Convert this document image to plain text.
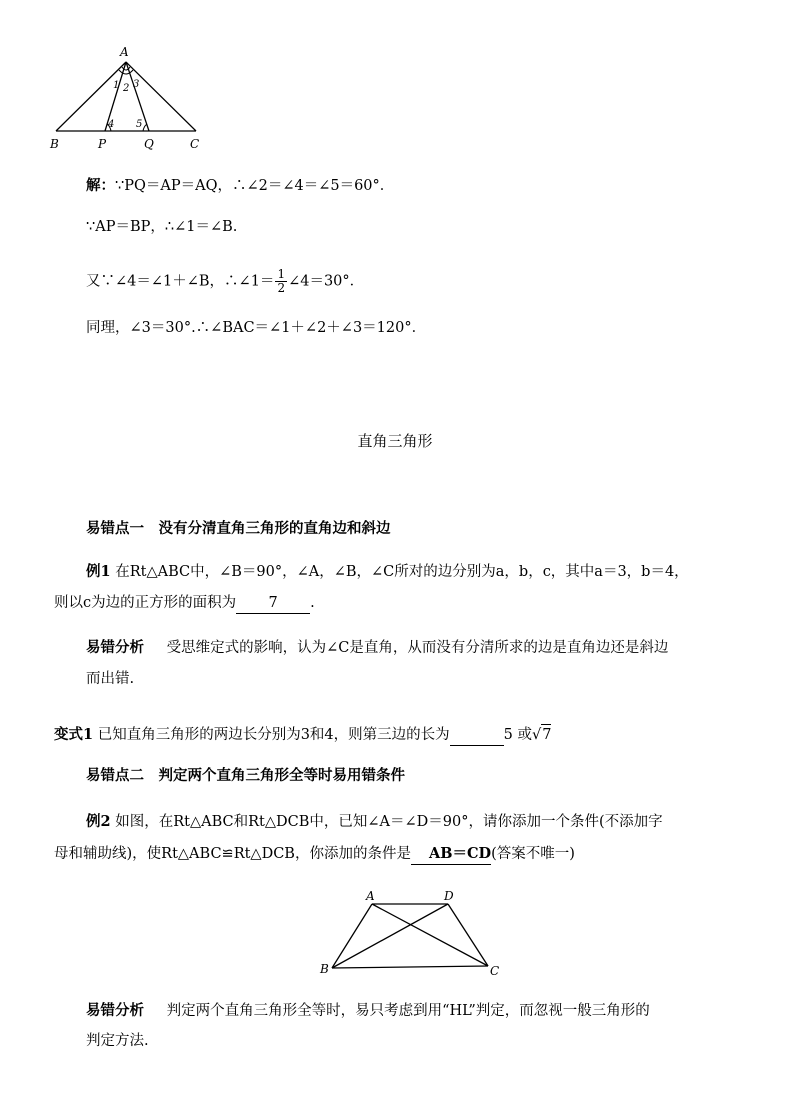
A
B	P	Q	C
1 2 3
4 5
解：∵PQ＝AP＝AQ，∴∠2＝∠4＝∠5＝60°．
∵AP＝BP，∴∠1＝∠B.
又∵∠4＝∠1＋∠B，∴∠1＝ $\frac{1}{2}$ ∠4＝30°．
同理，∠3＝30°.∴∠BAC＝∠1＋∠2＋∠3＝120°．
直角三角形
易错点一　没有分清直角三角形的直角边和斜边
例1 在Rt△ABC中，∠B＝90°，∠A，∠B，∠C所对的边分别为a，b，c，其中a＝3，b＝4，
则以c为边的正方形的面积为 7 .
易错分析 受思维定式的影响，认为∠C是直角，从而没有分清所求的边是直角边还是斜边
而出错.
变式1 已知直角三角形的两边长分别为3和4，则第三边的长为	5 或√7
易错点二　判定两个直角三角形全等时易用错条件
例2 如图，在Rt△ABC和Rt△DCB中，已知∠A＝∠D＝90°，请你添加一个条件(不添加字
母和辅助线)，使Rt△ABC≌Rt△DCB，你添加的条件是 AB＝CD(答案不唯一)
A	D
B	C
易错分析 判定两个直角三角形全等时，易只考虑到用“HL”判定，而忽视一般三角形的
判定方法.
